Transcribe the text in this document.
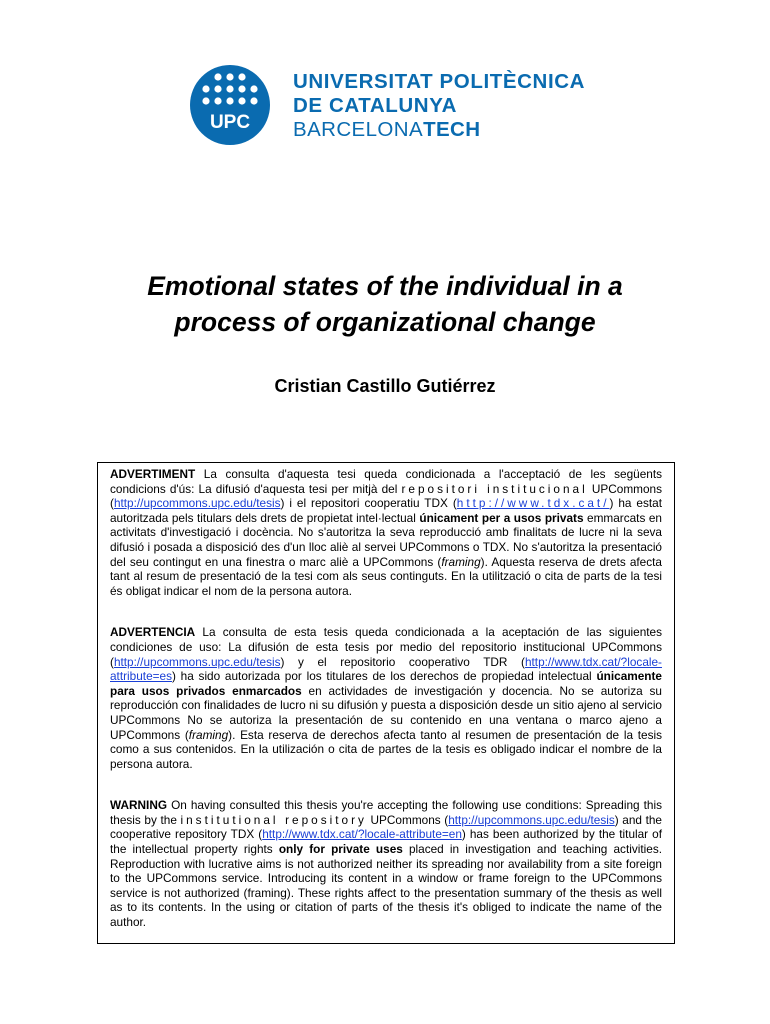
UPC
UNIVERSITAT POLITÈCNICA
DE CATALUNYA
BARCELONATECH
Emotional states of the individual in a
process of organizational change
Cristian Castillo Gutiérrez

ADVERTIMENT La consulta d'aquesta tesi queda condicionada a l'acceptació de les següents condicions d'ús: La difusió d'aquesta tesi per mitjà del repositori institucional UPCommons (http://upcommons.upc.edu/tesis) i el repositori cooperatiu TDX (http://www.tdx.cat/) ha estat autoritzada pels titulars dels drets de propietat intel·lectual únicament per a usos privats emmarcats en activitats d'investigació i docència. No s'autoritza la seva reproducció amb finalitats de lucre ni la seva difusió i posada a disposició des d'un lloc aliè al servei UPCommons o TDX. No s'autoritza la presentació del seu contingut en una finestra o marc aliè a UPCommons (framing). Aquesta reserva de drets afecta tant al resum de presentació de la tesi com als seus continguts. En la utilització o cita de parts de la tesi és obligat indicar el nom de la persona autora.

ADVERTENCIA La consulta de esta tesis queda condicionada a la aceptación de las siguientes condiciones de uso: La difusión de esta tesis por medio del repositorio institucional UPCommons (http://upcommons.upc.edu/tesis) y el repositorio cooperativo TDR (http://www.tdx.cat/?locale-attribute=es) ha sido autorizada por los titulares de los derechos de propiedad intelectual únicamente para usos privados enmarcados en actividades de investigación y docencia. No se autoriza su reproducción con finalidades de lucro ni su difusión y puesta a disposición desde un sitio ajeno al servicio UPCommons No se autoriza la presentación de su contenido en una ventana o marco ajeno a UPCommons (framing). Esta reserva de derechos afecta tanto al resumen de presentación de la tesis como a sus contenidos. En la utilización o cita de partes de la tesis es obligado indicar el nombre de la persona autora.

WARNING On having consulted this thesis you're accepting the following use conditions: Spreading this thesis by the institutional repository UPCommons (http://upcommons.upc.edu/tesis) and the cooperative repository TDX (http://www.tdx.cat/?locale-attribute=en) has been authorized by the titular of the intellectual property rights only for private uses placed in investigation and teaching activities. Reproduction with lucrative aims is not authorized neither its spreading nor availability from a site foreign to the UPCommons service. Introducing its content in a window or frame foreign to the UPCommons service is not authorized (framing). These rights affect to the presentation summary of the thesis as well as to its contents. In the using or citation of parts of the thesis it's obliged to indicate the name of the author.
